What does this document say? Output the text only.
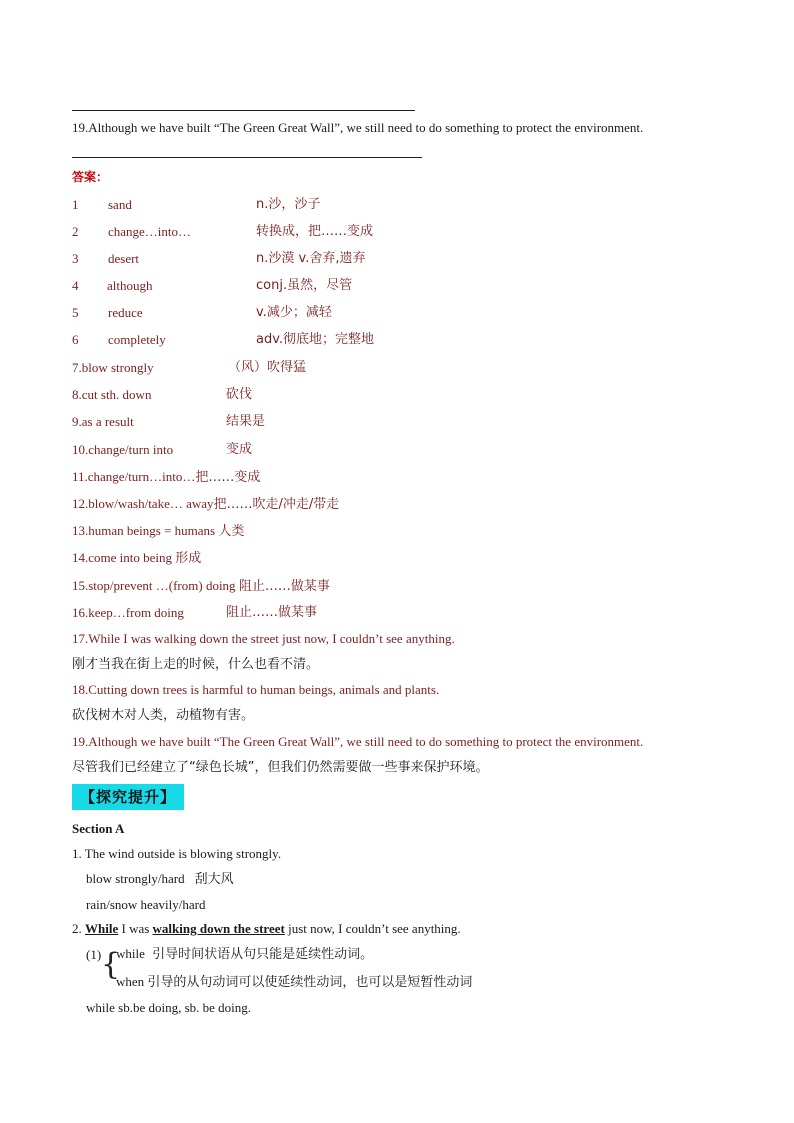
19.Although we have built “The Green Great Wall”, we still need to do something to protect the environment.
答案：
1 sand	n.沙，沙子
2 change…into…	转换成，把……变成
3 desert	n.沙漠 v.舍弃,遗弃
4 although	conj.虽然，尽管
5 reduce	v.减少；减轻
6 completely	adv.彻底地；完整地
7.blow strongly	（风）吹得猛
8.cut sth. down	砍伐
9.as a result	结果是
10.change/turn into	变成
11.change/turn…into…把……变成
12.blow/wash/take… away把……吹走/冲走/带走
13.human beings = humans 人类
14.come into being 形成
15.stop/prevent …(from) doing 阻止……做某事
16.keep…from doing	阻止……做某事
17.While I was walking down the street just now, I couldn’t see anything.
刚才当我在街上走的时候，什么也看不清。
18.Cutting down trees is harmful to human beings, animals and plants.
砍伐树木对人类，动植物有害。
19.Although we have built “The Green Great Wall”, we still need to do something to protect the environment.
尽管我们已经建立了“绿色长城”，但我们仍然需要做一些事来保护环境。
【探究提升】
Section A
1. The wind outside is blowing strongly.
blow strongly/hard 刮大风
rain/snow heavily/hard
2. While I was walking down the street just now, I couldn’t see anything.
(1) {
while 引导时间状语从句只能是延续性动词。
when 引导的从句动词可以使延续性动词，也可以是短暂性动词
while sb.be doing, sb. be doing.
